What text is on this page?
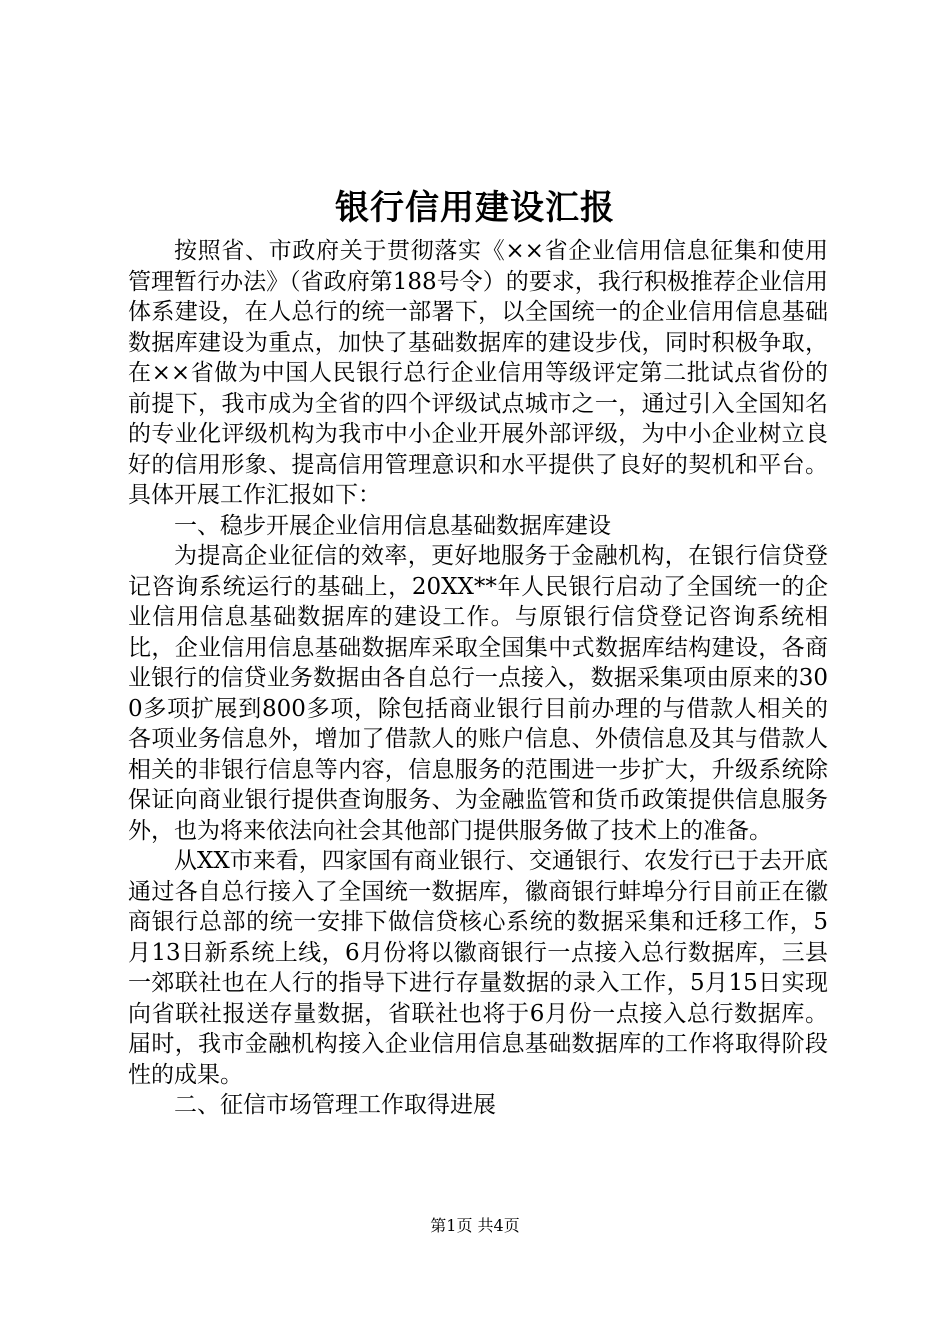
银行信用建设汇报

按照省、市政府关于贯彻落实《××省企业信用信息征集和使用管理暂行办法》（省政府第188号令）的要求，我行积极推荐企业信用体系建设，在人总行的统一部署下，以全国统一的企业信用信息基础数据库建设为重点，加快了基础数据库的建设步伐，同时积极争取，在××省做为中国人民银行总行企业信用等级评定第二批试点省份的前提下，我市成为全省的四个评级试点城市之一，通过引入全国知名的专业化评级机构为我市中小企业开展外部评级，为中小企业树立良好的信用形象、提高信用管理意识和水平提供了良好的契机和平台。具体开展工作汇报如下：

一、稳步开展企业信用信息基础数据库建设

为提高企业征信的效率，更好地服务于金融机构，在银行信贷登记咨询系统运行的基础上，20XX**年人民银行启动了全国统一的企业信用信息基础数据库的建设工作。与原银行信贷登记咨询系统相比，企业信用信息基础数据库采取全国集中式数据库结构建设，各商业银行的信贷业务数据由各自总行一点接入，数据采集项由原来的300多项扩展到800多项，除包括商业银行目前办理的与借款人相关的各项业务信息外，增加了借款人的账户信息、外债信息及其与借款人相关的非银行信息等内容，信息服务的范围进一步扩大，升级系统除保证向商业银行提供查询服务、为金融监管和货币政策提供信息服务外，也为将来依法向社会其他部门提供服务做了技术上的准备。

从XX市来看，四家国有商业银行、交通银行、农发行已于去开底通过各自总行接入了全国统一数据库，徽商银行蚌埠分行目前正在徽商银行总部的统一安排下做信贷核心系统的数据采集和迁移工作，5月13日新系统上线，6月份将以徽商银行一点接入总行数据库，三县一郊联社也在人行的指导下进行存量数据的录入工作，5月15日实现向省联社报送存量数据，省联社也将于6月份一点接入总行数据库。届时，我市金融机构接入企业信用信息基础数据库的工作将取得阶段性的成果。

二、征信市场管理工作取得进展

第1页 共4页
